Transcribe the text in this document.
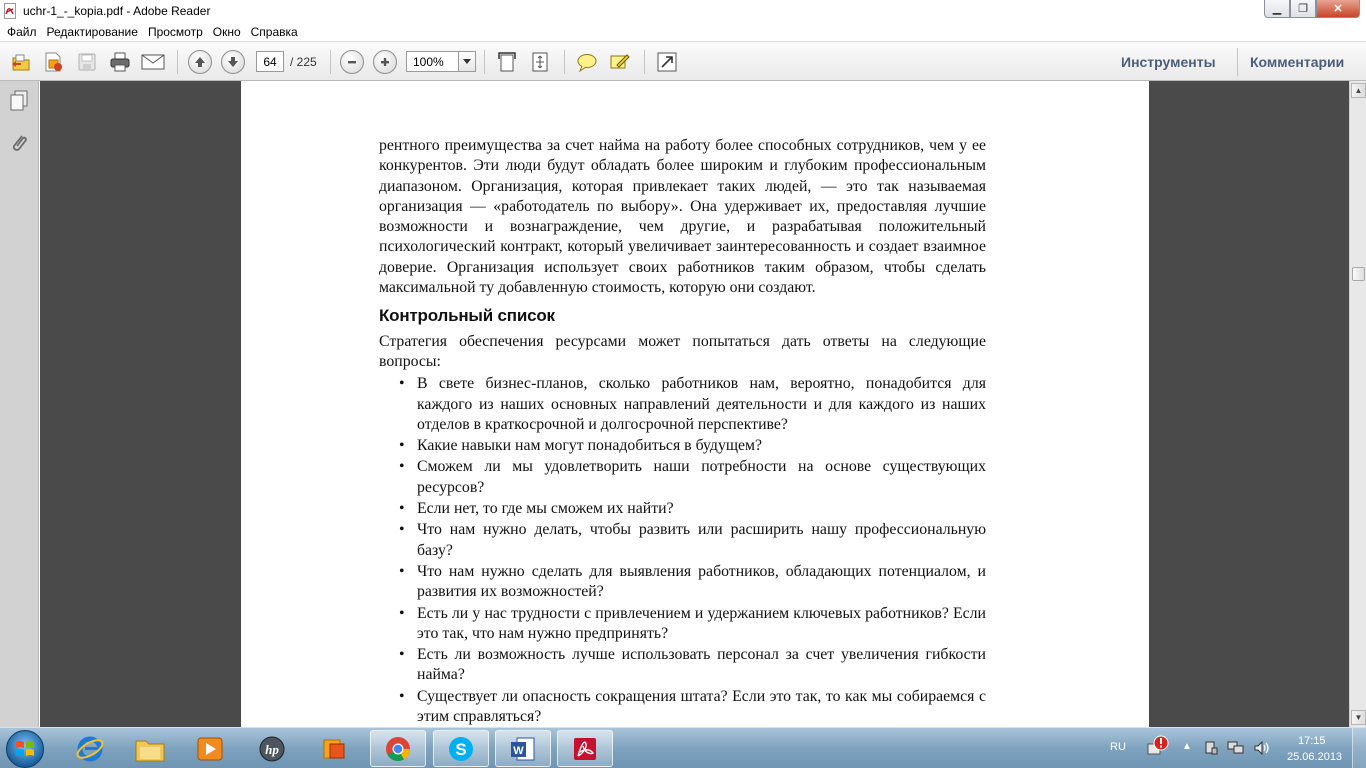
uchr-1_-_kopia.pdf - Adobe Reader	▁	❐	✕
Файл Редактирование Просмотр Окно Справка
64
/ 225	100%	Инструменты Комментарии

рентного преимущества за счет найма на работу более способных сотрудников, чем у ее конкурентов. Эти люди будут обладать более широким и глубоким профессиональным диапазоном. Организация, которая привлекает таких людей, — это так называемая организация — «работодатель по выбору». Она удерживает их, предоставляя лучшие возможности и вознаграждение, чем другие, и разрабатывая положительный психологический контракт, который увеличивает заинтересованность и создает взаимное доверие. Организация использует своих работников таким образом, чтобы сделать максимальной ту добавленную стоимость, которую они создают.

Контрольный список

Стратегия обеспечения ресурсами может попытаться дать ответы на следующие вопросы:

• В свете бизнес-планов, сколько работников нам, вероятно, понадобится для каждого из наших основных направлений деятельности и для каждого из наших отделов в краткосрочной и долгосрочной перспективе?
• Какие навыки нам могут понадобиться в будущем?
• Сможем ли мы удовлетворить наши потребности на основе существующих ресурсов?
• Если нет, то где мы сможем их найти?
• Что нам нужно делать, чтобы развить или расширить нашу профессиональную базу?
• Что нам нужно сделать для выявления работников, обладающих потенциалом, и развития их возможностей?
• Есть ли у нас трудности с привлечением и удержанием ключевых работников? Если это так, что нам нужно предпринять?
• Есть ли возможность лучше использовать персонал за счет увеличения гибкости найма?
• Существует ли опасность сокращения штата? Если это так, то как мы собираемся с этим справляться?
▲
▼
hp	S	W	RU	▲	17:15
25.06.2013
